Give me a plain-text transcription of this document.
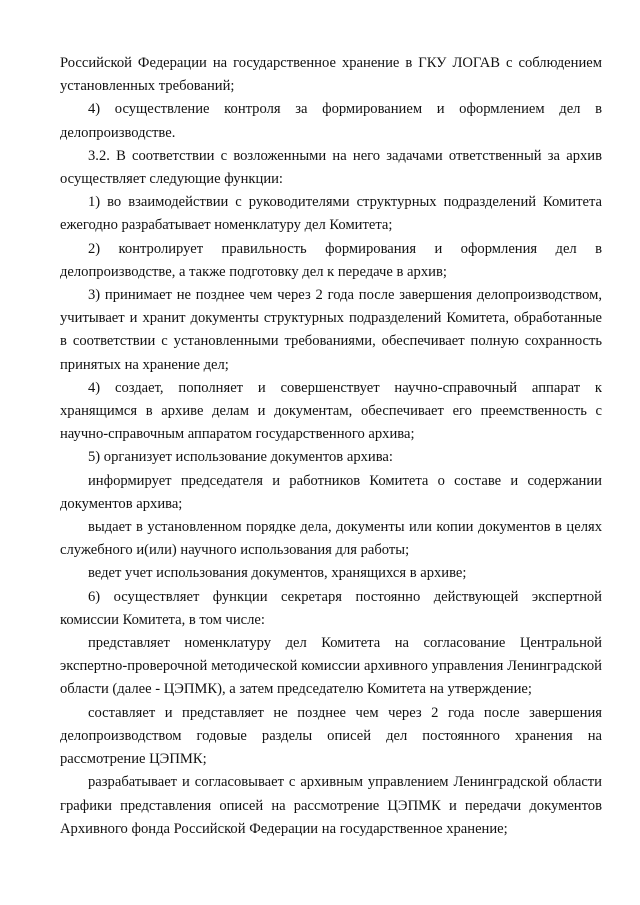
Российской Федерации на государственное хранение в ГКУ ЛОГАВ с соблюдением установленных требований;

4) осуществление контроля за формированием и оформлением дел в делопроизводстве.

3.2. В соответствии с возложенными на него задачами ответственный за архив осуществляет следующие функции:

1) во взаимодействии с руководителями структурных подразделений Комитета ежегодно разрабатывает номенклатуру дел Комитета;

2) контролирует правильность формирования и оформления дел в делопроизводстве, а также подготовку дел к передаче в архив;

3) принимает не позднее чем через 2 года после завершения делопроизводством, учитывает и хранит документы структурных подразделений Комитета, обработанные в соответствии с установленными требованиями, обеспечивает полную сохранность принятых на хранение дел;

4) создает, пополняет и совершенствует научно-справочный аппарат к хранящимся в архиве делам и документам, обеспечивает его преемственность с научно-справочным аппаратом государственного архива;

5) организует использование документов архива:

информирует председателя и работников Комитета о составе и содержании документов архива;

выдает в установленном порядке дела, документы или копии документов в целях служебного и(или) научного использования для работы;

ведет учет использования документов, хранящихся в архиве;

6) осуществляет функции секретаря постоянно действующей экспертной комиссии Комитета, в том числе:

представляет номенклатуру дел Комитета на согласование Центральной экспертно-проверочной методической комиссии архивного управления Ленинградской области (далее - ЦЭПМК), а затем председателю Комитета на утверждение;

составляет и представляет не позднее чем через 2 года после завершения делопроизводством годовые разделы описей дел постоянного хранения на рассмотрение ЦЭПМК;

разрабатывает и согласовывает с архивным управлением Ленинградской области графики представления описей на рассмотрение ЦЭПМК и передачи документов Архивного фонда Российской Федерации на государственное хранение;
